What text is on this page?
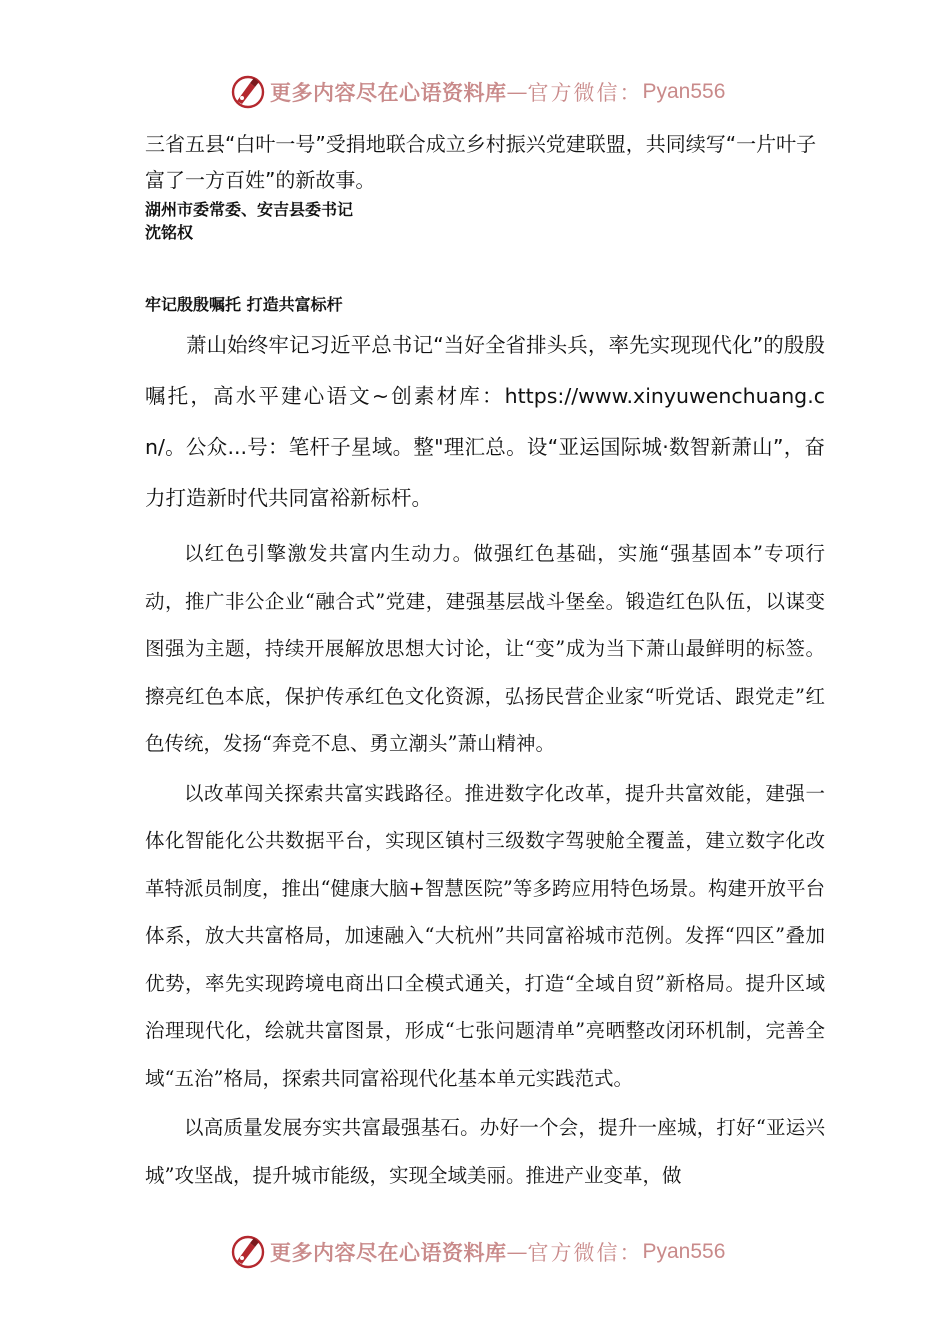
更多内容尽在心语资料库 — 官方微信： Pyan556

三省五县“白叶一号”受捐地联合成立乡村振兴党建联盟，共同续写“一片叶子富了一方百姓”的新故事。

湖州市委常委、安吉县委书记

沈铭权

牢记殷殷嘱托 打造共富标杆

萧山始终牢记习近平总书记“当好全省排头兵，率先实现现代化”的殷殷嘱托，高水平建心语文~创素材库：https://www.xinyuwenchuang.cn/。公众...号：笔杆子星域。整"理汇总。设“亚运国际城·数智新萧山”，奋力打造新时代共同富裕新标杆。

以红色引擎激发共富内生动力。做强红色基础，实施“强基固本”专项行动，推广非公企业“融合式”党建，建强基层战斗堡垒。锻造红色队伍，以谋变图强为主题，持续开展解放思想大讨论，让“变”成为当下萧山最鲜明的标签。擦亮红色本底，保护传承红色文化资源，弘扬民营企业家“听党话、跟党走”红色传统，发扬“奔竞不息、勇立潮头”萧山精神。

以改革闯关探索共富实践路径。推进数字化改革，提升共富效能，建强一体化智能化公共数据平台，实现区镇村三级数字驾驶舱全覆盖，建立数字化改革特派员制度，推出“健康大脑+智慧医院”等多跨应用特色场景。构建开放平台体系，放大共富格局，加速融入“大杭州”共同富裕城市范例。发挥“四区”叠加优势，率先实现跨境电商出口全模式通关，打造“全域自贸”新格局。提升区域治理现代化，绘就共富图景，形成“七张问题清单”亮晒整改闭环机制，完善全域“五治”格局，探索共同富裕现代化基本单元实践范式。

以高质量发展夯实共富最强基石。办好一个会，提升一座城，打好“亚运兴城”攻坚战，提升城市能级，实现全域美丽。推进产业变革，做

更多内容尽在心语资料库 — 官方微信： Pyan556
